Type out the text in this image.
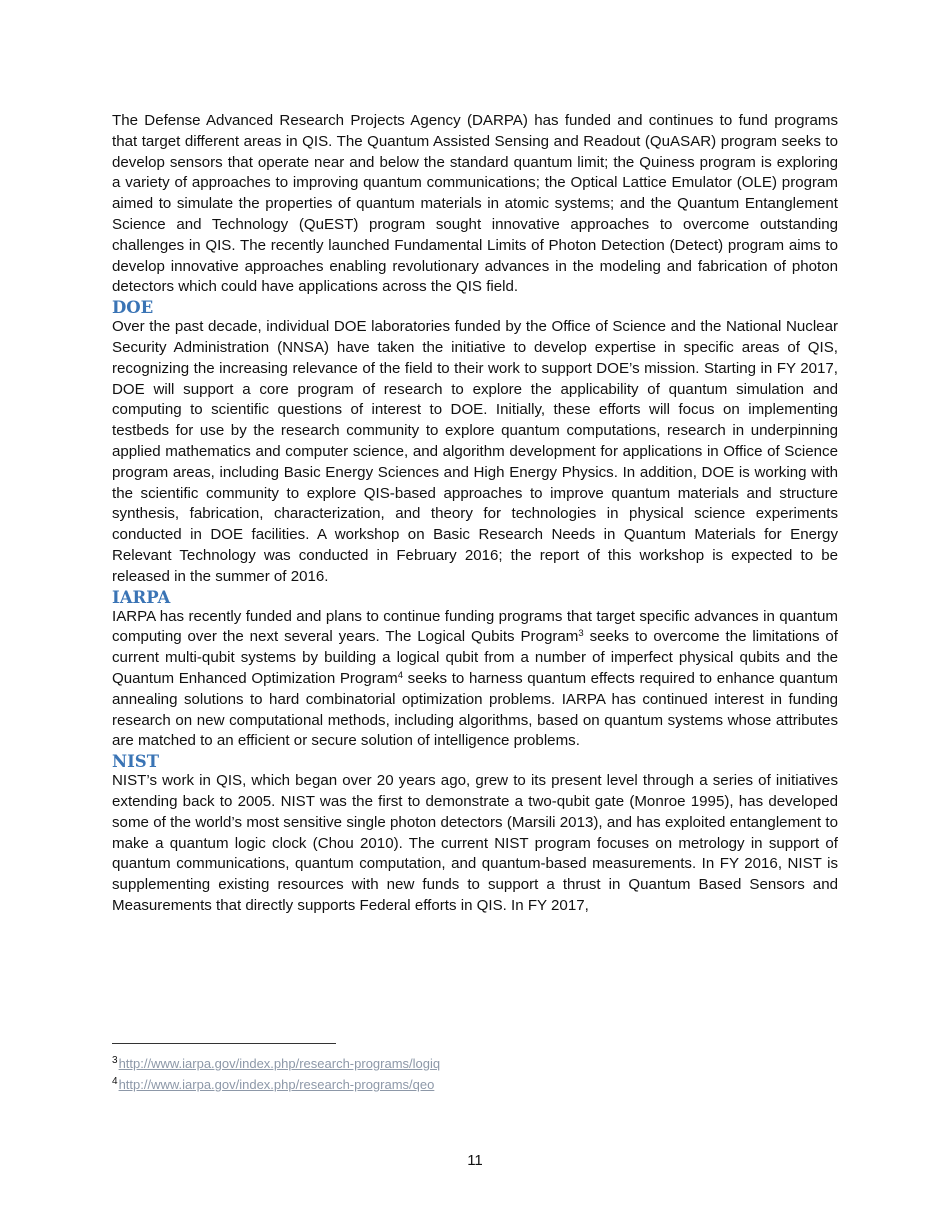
The Defense Advanced Research Projects Agency (DARPA) has funded and continues to fund programs that target different areas in QIS. The Quantum Assisted Sensing and Readout (QuASAR) program seeks to develop sensors that operate near and below the standard quantum limit; the Quiness program is exploring a variety of approaches to improving quantum communications; the Optical Lattice Emulator (OLE) program aimed to simulate the properties of quantum materials in atomic systems; and the Quantum Entanglement Science and Technology (QuEST) program sought innovative approaches to overcome outstanding challenges in QIS. The recently launched Fundamental Limits of Photon Detection (Detect) program aims to develop innovative approaches enabling revolutionary advances in the modeling and fabrication of photon detectors which could have applications across the QIS field.

DOE

Over the past decade, individual DOE laboratories funded by the Office of Science and the National Nuclear Security Administration (NNSA) have taken the initiative to develop expertise in specific areas of QIS, recognizing the increasing relevance of the field to their work to support DOE’s mission. Starting in FY 2017, DOE will support a core program of research to explore the applicability of quantum simulation and computing to scientific questions of interest to DOE. Initially, these efforts will focus on implementing testbeds for use by the research community to explore quantum computations, research in underpinning applied mathematics and computer science, and algorithm development for applications in Office of Science program areas, including Basic Energy Sciences and High Energy Physics. In addition, DOE is working with the scientific community to explore QIS-based approaches to improve quantum materials and structure synthesis, fabrication, characterization, and theory for technologies in physical science experiments conducted in DOE facilities. A workshop on Basic Research Needs in Quantum Materials for Energy Relevant Technology was conducted in February 2016; the report of this workshop is expected to be released in the summer of 2016.

IARPA

IARPA has recently funded and plans to continue funding programs that target specific advances in quantum computing over the next several years. The Logical Qubits Program$^3$ seeks to overcome the limitations of current multi-qubit systems by building a logical qubit from a number of imperfect physical qubits and the Quantum Enhanced Optimization Program$^4$ seeks to harness quantum effects required to enhance quantum annealing solutions to hard combinatorial optimization problems. IARPA has continued interest in funding research on new computational methods, including algorithms, based on quantum systems whose attributes are matched to an efficient or secure solution of intelligence problems.

NIST

NIST’s work in QIS, which began over 20 years ago, grew to its present level through a series of initiatives extending back to 2005. NIST was the first to demonstrate a two-qubit gate (Monroe 1995), has developed some of the world’s most sensitive single photon detectors (Marsili 2013), and has exploited entanglement to make a quantum logic clock (Chou 2010). The current NIST program focuses on metrology in support of quantum communications, quantum computation, and quantum-based measurements. In FY 2016, NIST is supplementing existing resources with new funds to support a thrust in Quantum Based Sensors and Measurements that directly supports Federal efforts in QIS. In FY 2017,

$^3$http://www.iarpa.gov/index.php/research-programs/logiq
$^4$http://www.iarpa.gov/index.php/research-programs/qeo
11
